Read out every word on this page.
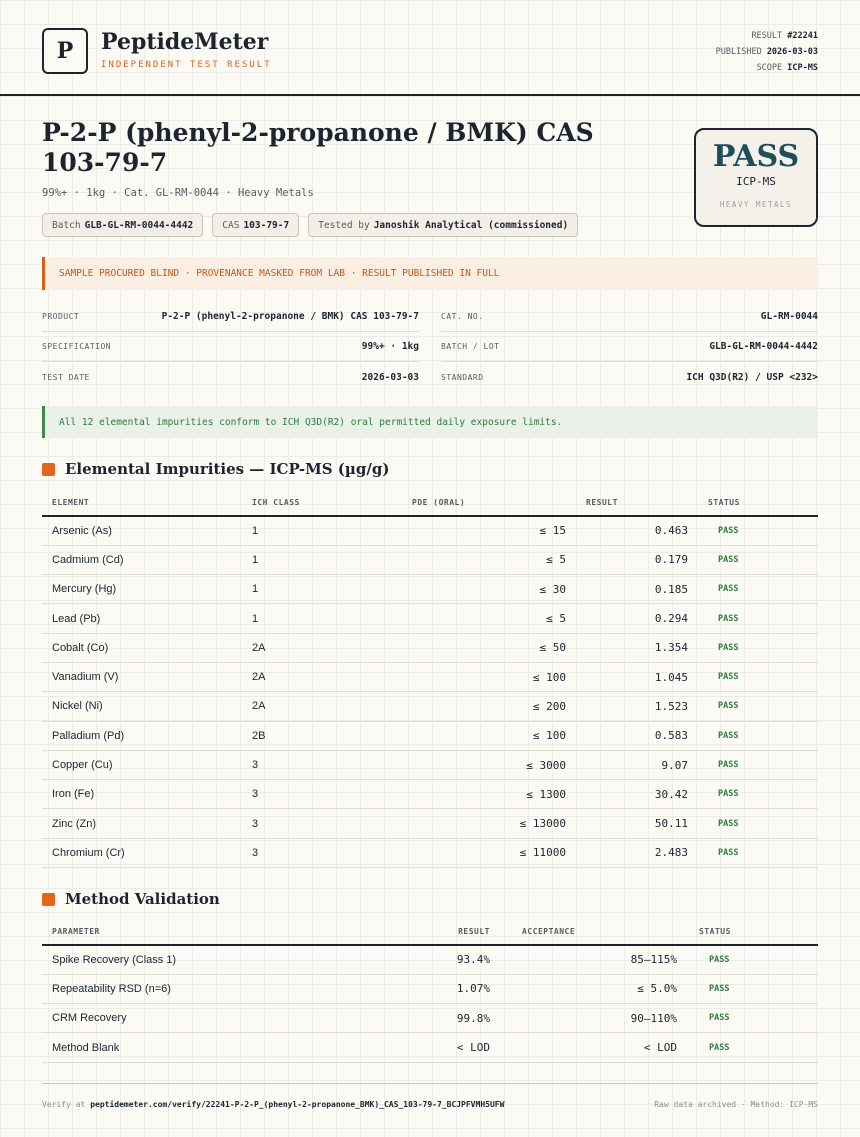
P	PeptideMeter
INDEPENDENT TEST RESULT
RESULT #22241
PUBLISHED 2026-03-03
SCOPE ICP-MS
P-2-P (phenyl-2-propanone / BMK) CAS 103-79-7
99%+ · 1kg · Cat. GL-RM-0044 · Heavy Metals
Batch GLB-GL-RM-0044-4442	CAS 103-79-7	Tested by Janoshik Analytical (commissioned)
PASS
ICP-MS
HEAVY METALS
SAMPLE PROCURED BLIND · PROVENANCE MASKED FROM LAB · RESULT PUBLISHED IN FULL
PRODUCT	P-2-P (phenyl-2-propanone / BMK) CAS 103-79-7
SPECIFICATION	99%+ · 1kg
TEST DATE	2026-03-03
CAT. NO.	GL-RM-0044
BATCH / LOT	GLB-GL-RM-0044-4442
STANDARD	ICH Q3D(R2) / USP <232>
All 12 elemental impurities conform to ICH Q3D(R2) oral permitted daily exposure limits.
Elemental Impurities — ICP-MS (µg/g)
ELEMENT	ICH CLASS	PDE (ORAL)	RESULT	STATUS
Arsenic (As)	1	≤ 15	0.463	PASS
Cadmium (Cd)	1	≤ 5	0.179	PASS
Mercury (Hg)	1	≤ 30	0.185	PASS
Lead (Pb)	1	≤ 5	0.294	PASS
Cobalt (Co)	2A	≤ 50	1.354	PASS
Vanadium (V)	2A	≤ 100	1.045	PASS
Nickel (Ni)	2A	≤ 200	1.523	PASS
Palladium (Pd)	2B	≤ 100	0.583	PASS
Copper (Cu)	3	≤ 3000	9.07	PASS
Iron (Fe)	3	≤ 1300	30.42	PASS
Zinc (Zn)	3	≤ 13000	50.11	PASS
Chromium (Cr)	3	≤ 11000	2.483	PASS
Method Validation
PARAMETER	RESULT	ACCEPTANCE	STATUS
Spike Recovery (Class 1)	93.4%	85–115%	PASS
Repeatability RSD (n=6)	1.07%	≤ 5.0%	PASS
CRM Recovery	99.8%	90–110%	PASS
Method Blank	< LOD	< LOD	PASS
Verify at peptidemeter.com/verify/22241-P-2-P_(phenyl-2-propanone_BMK)_CAS_103-79-7_BCJPFVMH5UFW	Raw data archived · Method: ICP-MS
